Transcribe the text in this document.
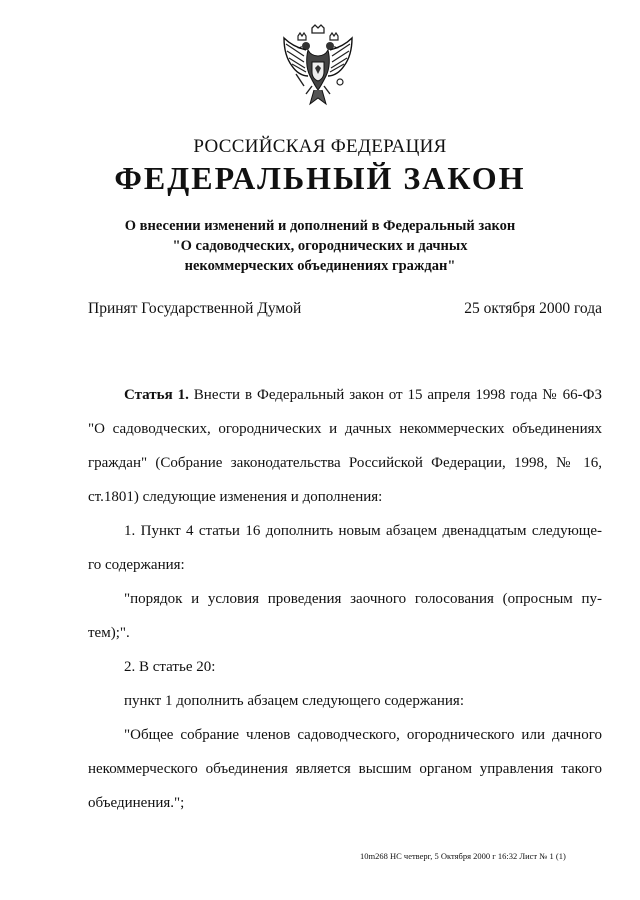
РОССИЙСКАЯ ФЕДЕРАЦИЯ
ФЕДЕРАЛЬНЫЙ ЗАКОН
О внесении изменений и дополнений в Федеральный закон
"О садоводческих, огороднических и дачных
некоммерческих объединениях граждан"
Принят Государственной Думой	25 октября 2000 года
Статья 1. Внести в Федеральный закон от 15 апреля 1998 года № 66-ФЗ
"О садоводческих, огороднических и дачных некоммерческих объединениях
граждан" (Собрание законодательства Российской Федерации, 1998, № 16,
ст.1801) следующие изменения и дополнения:
1. Пункт 4 статьи 16 дополнить новым абзацем двенадцатым следующе-
го содержания:
"порядок и условия проведения заочного голосования (опросным пу-
тем);".
2. В статье 20:
пункт 1 дополнить абзацем следующего содержания:
"Общее собрание членов садоводческого, огороднического или дачного
некоммерческого объединения является высшим органом управления такого
объединения.";
10m268 НС четверг, 5 Октября 2000 г 16:32 Лист № 1 (1)
